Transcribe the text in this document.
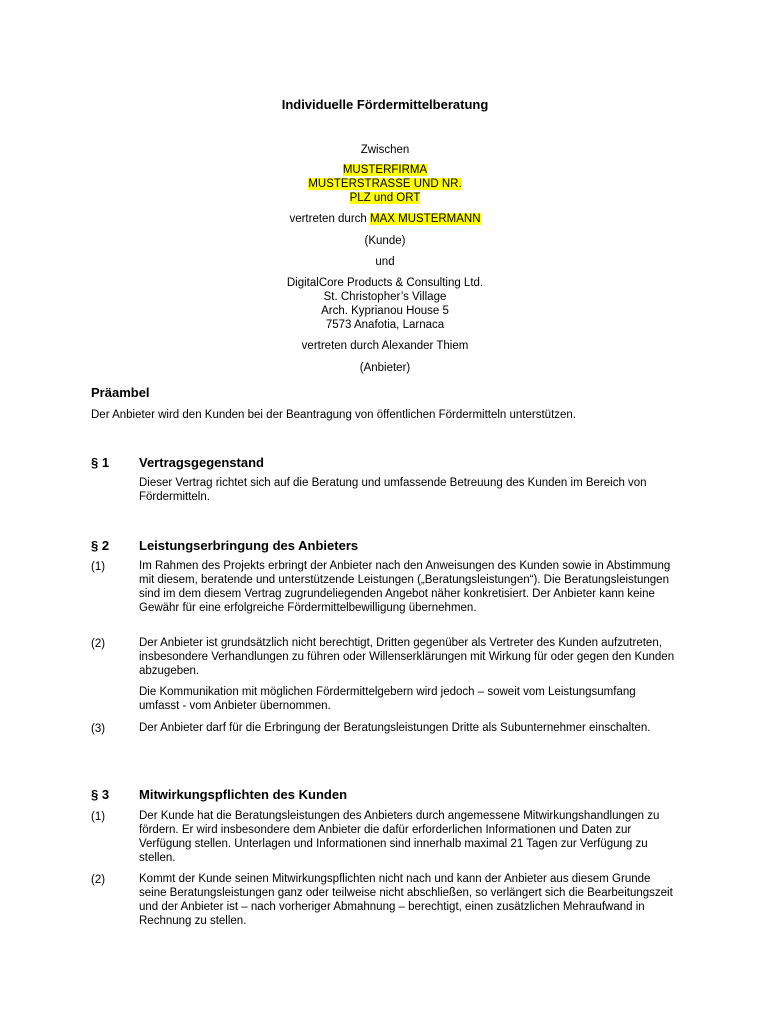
Individuelle Fördermittelberatung
Zwischen
MUSTERFIRMA
MUSTERSTRASSE UND NR.
PLZ und ORT
vertreten durch MAX MUSTERMANN
(Kunde)
und
DigitalCore Products & Consulting Ltd.
St. Christopher’s Village
Arch. Kyprianou House 5
7573 Anafotia, Larnaca
vertreten durch Alexander Thiem
(Anbieter)
Präambel
Der Anbieter wird den Kunden bei der Beantragung von öffentlichen Fördermitteln unterstützen.
§ 1 Vertragsgegenstand
Dieser Vertrag richtet sich auf die Beratung und umfassende Betreuung des Kunden im Bereich von Fördermitteln.
§ 2 Leistungserbringung des Anbieters
(1)	Im Rahmen des Projekts erbringt der Anbieter nach den Anweisungen des Kunden sowie in Abstimmung mit diesem, beratende und unterstützende Leistungen („Beratungsleistungen“). Die Beratungsleistungen sind im dem diesem Vertrag zugrundeliegenden Angebot näher konkretisiert. Der Anbieter kann keine Gewähr für eine erfolgreiche Fördermittelbewilligung übernehmen.
(2)	Der Anbieter ist grundsätzlich nicht berechtigt, Dritten gegenüber als Vertreter des Kunden aufzutreten, insbesondere Verhandlungen zu führen oder Willenserklärungen mit Wirkung für oder gegen den Kunden abzugeben.
Die Kommunikation mit möglichen Fördermittelgebern wird jedoch – soweit vom Leistungsumfang umfasst - vom Anbieter übernommen.
(3)	Der Anbieter darf für die Erbringung der Beratungsleistungen Dritte als Subunternehmer einschalten.
§ 3 Mitwirkungspflichten des Kunden
(1)	Der Kunde hat die Beratungsleistungen des Anbieters durch angemessene Mitwirkungshandlungen zu fördern. Er wird insbesondere dem Anbieter die dafür erforderlichen Informationen und Daten zur Verfügung stellen. Unterlagen und Informationen sind innerhalb maximal 21 Tagen zur Verfügung zu stellen.
(2)	Kommt der Kunde seinen Mitwirkungspflichten nicht nach und kann der Anbieter aus diesem Grunde seine Beratungsleistungen ganz oder teilweise nicht abschließen, so verlängert sich die Bearbeitungszeit und der Anbieter ist – nach vorheriger Abmahnung – berechtigt, einen zusätzlichen Mehraufwand in Rechnung zu stellen.
